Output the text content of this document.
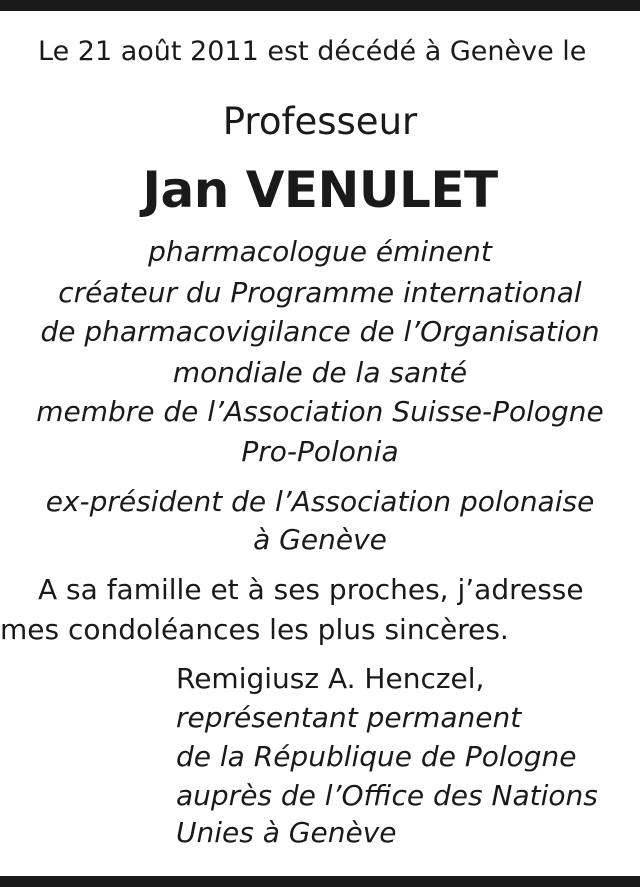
Le 21 août 2011 est décédé à Genève le
Professeur
Jan VENULET
pharmacologue éminent
créateur du Programme international
de pharmacovigilance de l’Organisation
mondiale de la santé
membre de l’Association Suisse-Pologne
Pro-Polonia
ex-président de l’Association polonaise
à Genève
A sa famille et à ses proches, j’adresse
mes condoléances les plus sincères.
Remigiusz A. Henczel,
représentant permanent
de la République de Pologne
auprès de l’Office des Nations
Unies à Genève
